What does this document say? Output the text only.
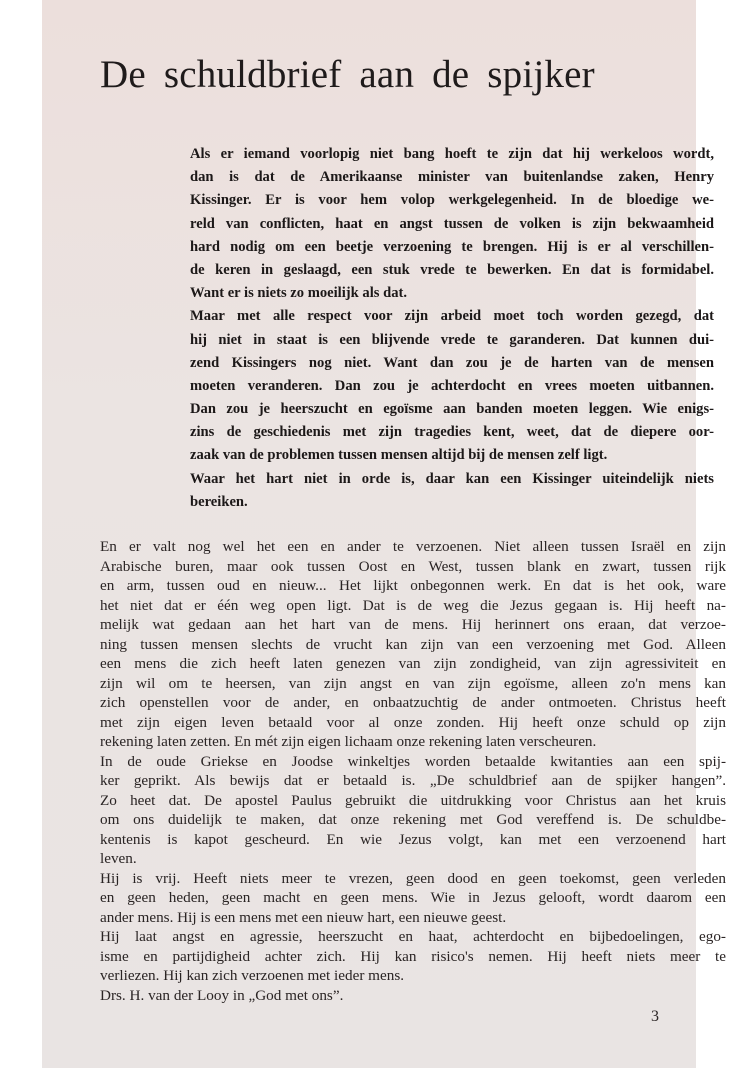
De schuldbrief aan de spijker
Als er iemand voorlopig niet bang hoeft te zijn dat hij werkeloos wordt,
dan is dat de Amerikaanse minister van buitenlandse zaken, Henry
Kissinger. Er is voor hem volop werkgelegenheid. In de bloedige we-
reld van conflicten, haat en angst tussen de volken is zijn bekwaamheid
hard nodig om een beetje verzoening te brengen. Hij is er al verschillen-
de keren in geslaagd, een stuk vrede te bewerken. En dat is formidabel.
Want er is niets zo moeilijk als dat.
Maar met alle respect voor zijn arbeid moet toch worden gezegd, dat
hij niet in staat is een blijvende vrede te garanderen. Dat kunnen dui-
zend Kissingers nog niet. Want dan zou je de harten van de mensen
moeten veranderen. Dan zou je achterdocht en vrees moeten uitbannen.
Dan zou je heerszucht en egoïsme aan banden moeten leggen. Wie enigs-
zins de geschiedenis met zijn tragedies kent, weet, dat de diepere oor-
zaak van de problemen tussen mensen altijd bij de mensen zelf ligt.
Waar het hart niet in orde is, daar kan een Kissinger uiteindelijk niets
bereiken.
En er valt nog wel het een en ander te verzoenen. Niet alleen tussen Israël en zijn
Arabische buren, maar ook tussen Oost en West, tussen blank en zwart, tussen rijk
en arm, tussen oud en nieuw... Het lijkt onbegonnen werk. En dat is het ook, ware
het niet dat er één weg open ligt. Dat is de weg die Jezus gegaan is. Hij heeft na-
melijk wat gedaan aan het hart van de mens. Hij herinnert ons eraan, dat verzoe-
ning tussen mensen slechts de vrucht kan zijn van een verzoening met God. Alleen
een mens die zich heeft laten genezen van zijn zondigheid, van zijn agressiviteit en
zijn wil om te heersen, van zijn angst en van zijn egoïsme, alleen zo'n mens kan
zich openstellen voor de ander, en onbaatzuchtig de ander ontmoeten. Christus heeft
met zijn eigen leven betaald voor al onze zonden. Hij heeft onze schuld op zijn
rekening laten zetten. En mét zijn eigen lichaam onze rekening laten verscheuren.
In de oude Griekse en Joodse winkeltjes worden betaalde kwitanties aan een spij-
ker geprikt. Als bewijs dat er betaald is. „De schuldbrief aan de spijker hangen”.
Zo heet dat. De apostel Paulus gebruikt die uitdrukking voor Christus aan het kruis
om ons duidelijk te maken, dat onze rekening met God vereffend is. De schuldbe-
kentenis is kapot gescheurd. En wie Jezus volgt, kan met een verzoenend hart
leven.
Hij is vrij. Heeft niets meer te vrezen, geen dood en geen toekomst, geen verleden
en geen heden, geen macht en geen mens. Wie in Jezus gelooft, wordt daarom een
ander mens. Hij is een mens met een nieuw hart, een nieuwe geest.
Hij laat angst en agressie, heerszucht en haat, achterdocht en bijbedoelingen, ego-
isme en partijdigheid achter zich. Hij kan risico's nemen. Hij heeft niets meer te
verliezen. Hij kan zich verzoenen met ieder mens.
Drs. H. van der Looy in „God met ons”.
3
